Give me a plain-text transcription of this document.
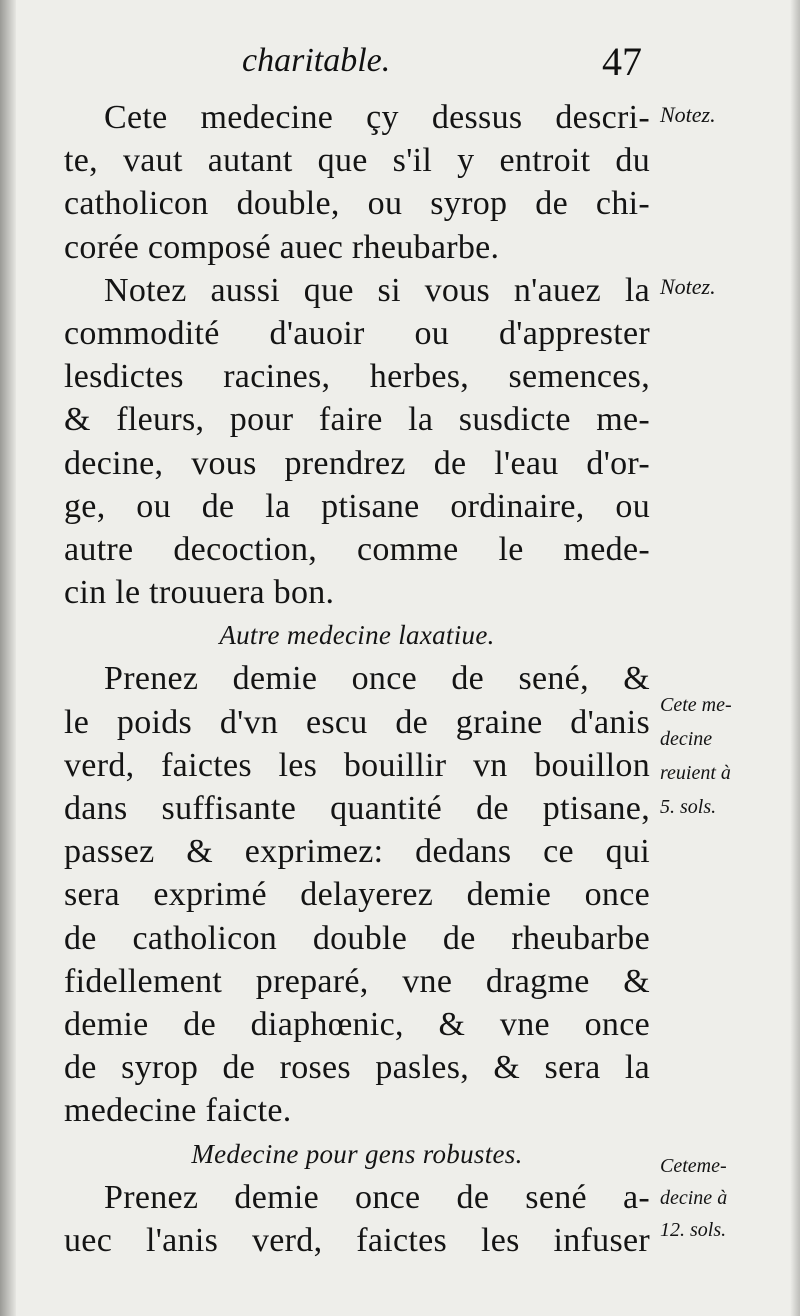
charitable.	47
Cete medecine çy dessus descri-
te, vaut autant que s'il y entroit du
catholicon double, ou syrop de chi-
corée composé auec rheubarbe.
Notez aussi que si vous n'auez la
commodité d'auoir ou d'apprester
lesdictes racines, herbes, semences,
& fleurs, pour faire la susdicte me-
decine, vous prendrez de l'eau d'or-
ge, ou de la ptisane ordinaire, ou
autre decoction, comme le mede-
cin le trouuera bon.
Autre medecine laxatiue.
Prenez demie once de sené, &
le poids d'vn escu de graine d'anis
verd, faictes les bouillir vn bouillon
dans suffisante quantité de ptisane,
passez & exprimez: dedans ce qui
sera exprimé delayerez demie once
de catholicon double de rheubarbe
fidellement preparé, vne dragme &
demie de diaphœnic, & vne once
de syrop de roses pasles, & sera la
medecine faicte.
Medecine pour gens robustes.
Prenez demie once de sené a-
uec l'anis verd, faictes les infuser
Notez.
Notez.
Cete me-
decine
reuient à
5. sols.
Ceteme-
decine à
12. sols.
